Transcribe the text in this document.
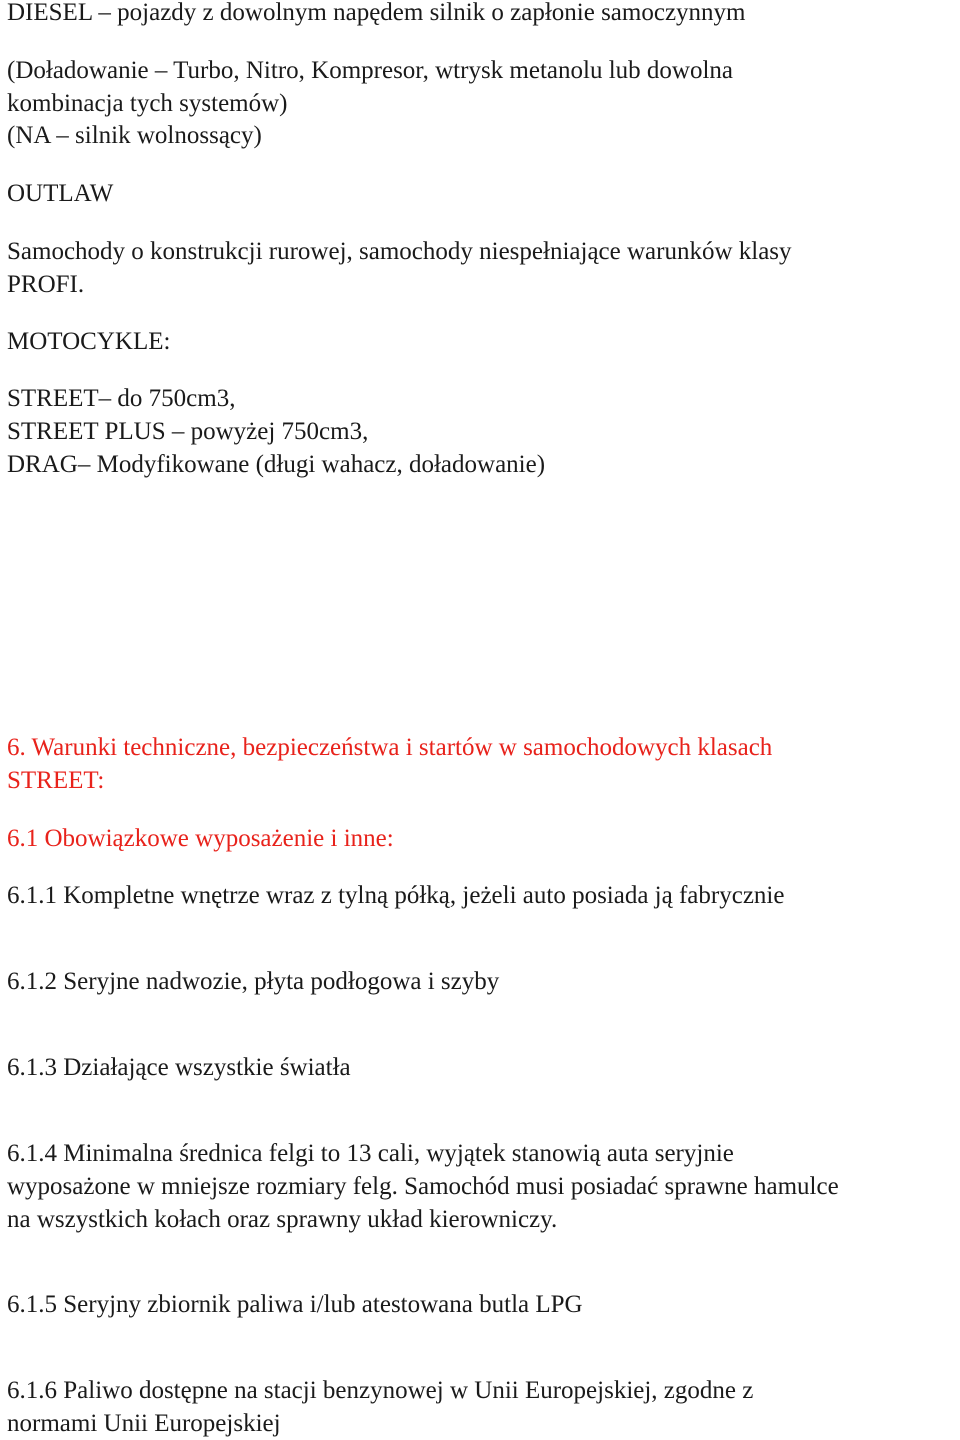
DIESEL – pojazdy z dowolnym napędem silnik o zapłonie samoczynnym

(Doładowanie – Turbo, Nitro, Kompresor, wtrysk metanolu lub dowolna

kombinacja tych systemów)

(NA – silnik wolnossący)

OUTLAW

Samochody o konstrukcji rurowej, samochody niespełniające warunków klasy

PROFI.

MOTOCYKLE:

STREET– do 750cm3,

STREET PLUS – powyżej 750cm3,

DRAG– Modyfikowane (długi wahacz, doładowanie)

6. Warunki techniczne, bezpieczeństwa i startów w samochodowych klasach

STREET:

6.1 Obowiązkowe wyposażenie i inne:

6.1.1 Kompletne wnętrze wraz z tylną półką, jeżeli auto posiada ją fabrycznie

6.1.2 Seryjne nadwozie, płyta podłogowa i szyby

6.1.3 Działające wszystkie światła

6.1.4 Minimalna średnica felgi to 13 cali, wyjątek stanowią auta seryjnie

wyposażone w mniejsze rozmiary felg. Samochód musi posiadać sprawne hamulce

na wszystkich kołach oraz sprawny układ kierowniczy.

6.1.5 Seryjny zbiornik paliwa i/lub atestowana butla LPG

6.1.6 Paliwo dostępne na stacji benzynowej w Unii Europejskiej, zgodne z

normami Unii Europejskiej
